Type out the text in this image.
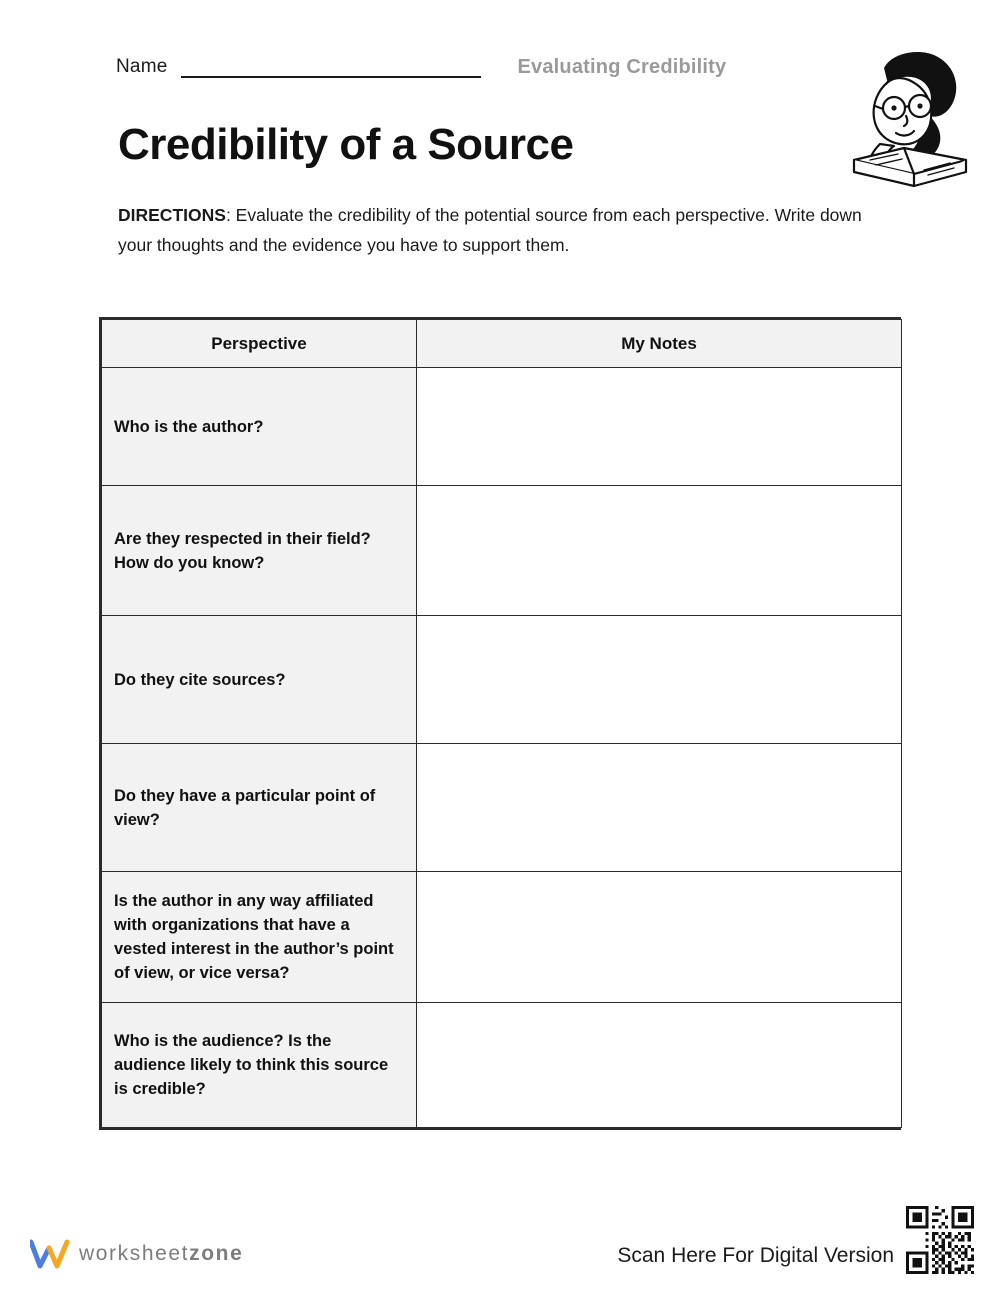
Name	Evaluating Credibility
Credibility of a Source
DIRECTIONS: Evaluate the credibility of the potential source from each perspective. Write down your thoughts and the evidence you have to support them.
Perspective	My Notes
Who is the author?	
Are they respected in their field? How do you know?	
Do they cite sources?	
Do they have a particular point of view?	
Is the author in any way affiliated with organizations that have a vested interest in the author’s point of view, or vice versa?	
Who is the audience? Is the audience likely to think this source is credible?	
worksheetzone	Scan Here For Digital Version
